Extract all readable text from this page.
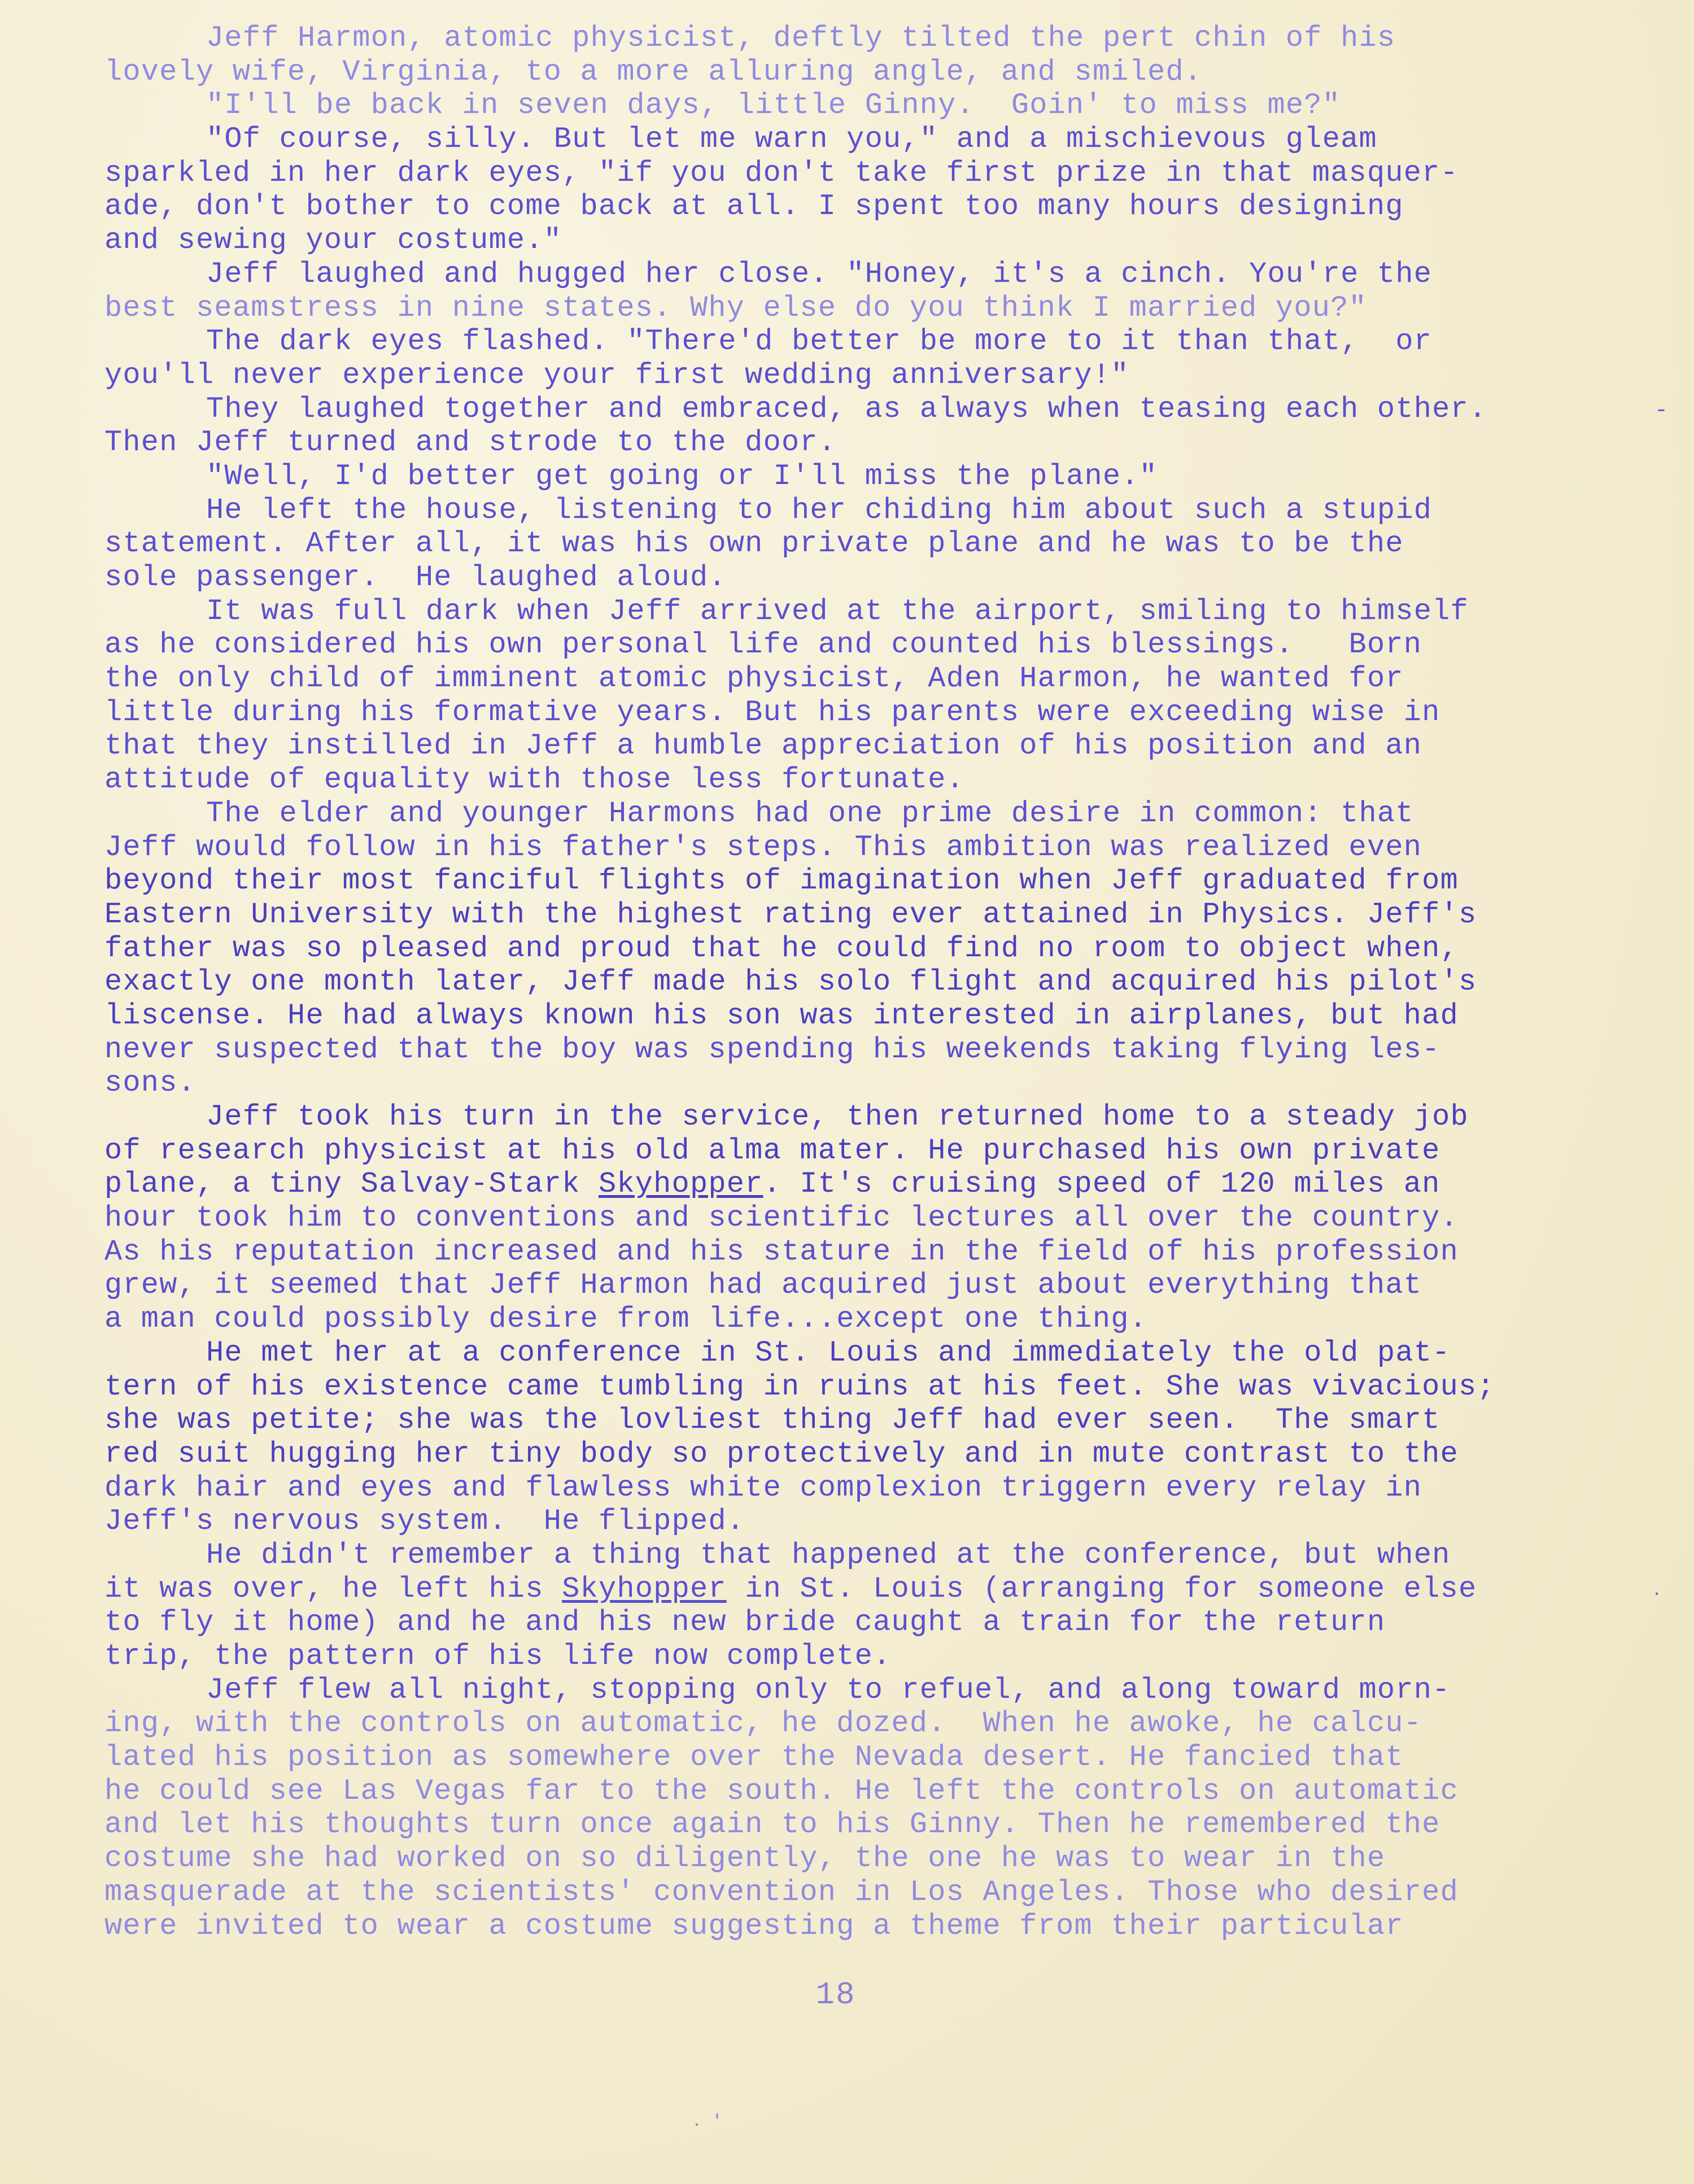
Jeff Harmon, atomic physicist, deftly tilted the pert chin of his
lovely wife, Virginia, to a more alluring angle, and smiled.
"I'll be back in seven days, little Ginny.  Goin' to miss me?"
"Of course, silly. But let me warn you," and a mischievous gleam
sparkled in her dark eyes, "if you don't take first prize in that masquer-
ade, don't bother to come back at all. I spent too many hours designing
and sewing your costume."
Jeff laughed and hugged her close. "Honey, it's a cinch. You're the
best seamstress in nine states. Why else do you think I married you?"
The dark eyes flashed. "There'd better be more to it than that,  or
you'll never experience your first wedding anniversary!"
They laughed together and embraced, as always when teasing each other.
Then Jeff turned and strode to the door.
"Well, I'd better get going or I'll miss the plane."
He left the house, listening to her chiding him about such a stupid
statement. After all, it was his own private plane and he was to be the
sole passenger.  He laughed aloud.
It was full dark when Jeff arrived at the airport, smiling to himself
as he considered his own personal life and counted his blessings.   Born
the only child of imminent atomic physicist, Aden Harmon, he wanted for
little during his formative years. But his parents were exceeding wise in
that they instilled in Jeff a humble appreciation of his position and an
attitude of equality with those less fortunate.
The elder and younger Harmons had one prime desire in common: that
Jeff would follow in his father's steps. This ambition was realized even
beyond their most fanciful flights of imagination when Jeff graduated from
Eastern University with the highest rating ever attained in Physics. Jeff's
father was so pleased and proud that he could find no room to object when,
exactly one month later, Jeff made his solo flight and acquired his pilot's
liscense. He had always known his son was interested in airplanes, but had
never suspected that the boy was spending his weekends taking flying les-
sons.
Jeff took his turn in the service, then returned home to a steady job
of research physicist at his old alma mater. He purchased his own private
plane, a tiny Salvay-Stark Skyhopper. It's cruising speed of 120 miles an
hour took him to conventions and scientific lectures all over the country.
As his reputation increased and his stature in the field of his profession
grew, it seemed that Jeff Harmon had acquired just about everything that
a man could possibly desire from life...except one thing.
He met her at a conference in St. Louis and immediately the old pat-
tern of his existence came tumbling in ruins at his feet. She was vivacious;
she was petite; she was the lovliest thing Jeff had ever seen.  The smart
red suit hugging her tiny body so protectively and in mute contrast to the
dark hair and eyes and flawless white complexion triggern every relay in
Jeff's nervous system.  He flipped.
He didn't remember a thing that happened at the conference, but when
it was over, he left his Skyhopper in St. Louis (arranging for someone else
to fly it home) and he and his new bride caught a train for the return
trip, the pattern of his life now complete.
Jeff flew all night, stopping only to refuel, and along toward morn-
ing, with the controls on automatic, he dozed.  When he awoke, he calcu-
lated his position as somewhere over the Nevada desert. He fancied that
he could see Las Vegas far to the south. He left the controls on automatic
and let his thoughts turn once again to his Ginny. Then he remembered the
costume she had worked on so diligently, the one he was to wear in the
masquerade at the scientists' convention in Los Angeles. Those who desired
were invited to wear a costume suggesting a theme from their particular
18
-
.
. '
